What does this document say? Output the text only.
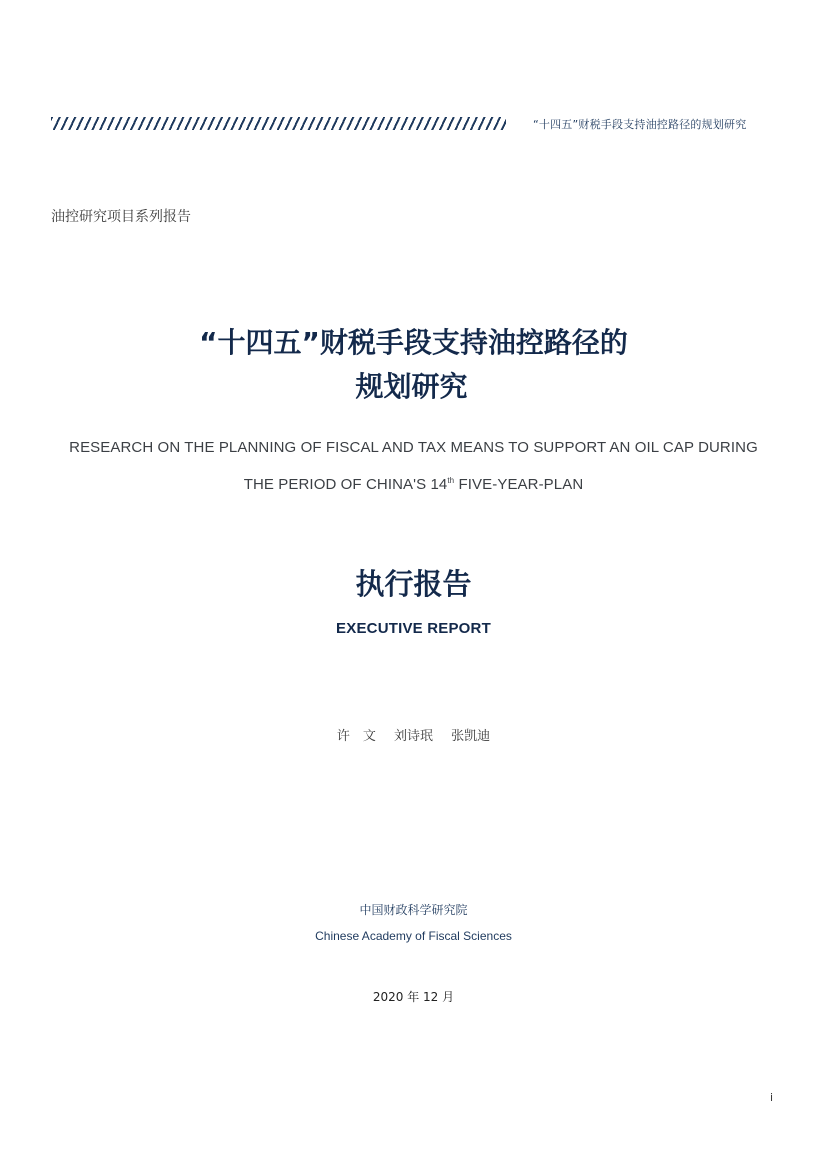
“十四五”财税手段支持油控路径的规划研究
油控研究项目系列报告
“十四五”财税手段支持油控路径的
规划研究
RESEARCH ON THE PLANNING OF FISCAL AND TAX MEANS TO SUPPORT AN OIL CAP DURING
THE PERIOD OF CHINA'S 14th FIVE-YEAR-PLAN
执行报告
EXECUTIVE REPORT
许　文 刘诗珉 张凯迪
中国财政科学研究院
Chinese Academy of Fiscal Sciences
2020 年 12 月
i
